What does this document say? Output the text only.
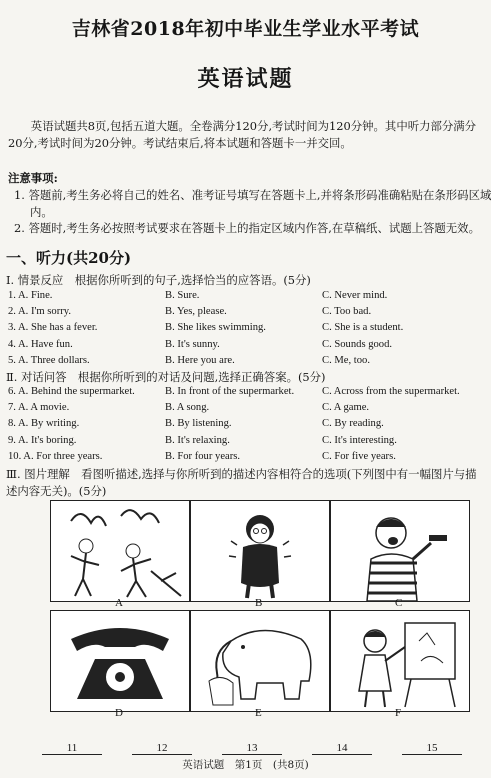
吉林省2018年初中毕业生学业水平考试
英语试题
英语试题共8页,包括五道大题。全卷满分120分,考试时间为120分钟。其中听力部分满分20分,考试时间为20分钟。考试结束后,将本试题和答题卡一并交回。
注意事项:
1. 答题前,考生务必将自己的姓名、准考证号填写在答题卡上,并将条形码准确粘贴在条形码区域内。
2. 答题时,考生务必按照考试要求在答题卡上的指定区域内作答,在草稿纸、试题上答题无效。
一、听力(共20分)
Ⅰ. 情景反应　根据你所听到的句子,选择恰当的应答语。(5分)
1. A. Fine.	B. Sure.	C. Never mind.
2. A. I'm sorry.	B. Yes, please.	C. Too bad.
3. A. She has a fever.	B. She likes swimming.	C. She is a student.
4. A. Have fun.	B. It's sunny.	C. Sounds good.
5. A. Three dollars.	B. Here you are.	C. Me, too.
Ⅱ. 对话问答　根据你所听到的对话及问题,选择正确答案。(5分)
6. A. Behind the supermarket.	B. In front of the supermarket.	C. Across from the supermarket.
7. A. A movie.	B. A song.	C. A game.
8. A. By writing.	B. By listening.	C. By reading.
9. A. It's boring.	B. It's relaxing.	C. It's interesting.
10. A. For three years.	B. For four years.	C. For five years.
Ⅲ. 图片理解　看图听描述,选择与你所听到的描述内容相符合的选项(下列图中有一幅图片与描述内容无关)。(5分)
A	B	C
D	E	F
11	12	13	14	15
英语试题　第1页　(共8页)
